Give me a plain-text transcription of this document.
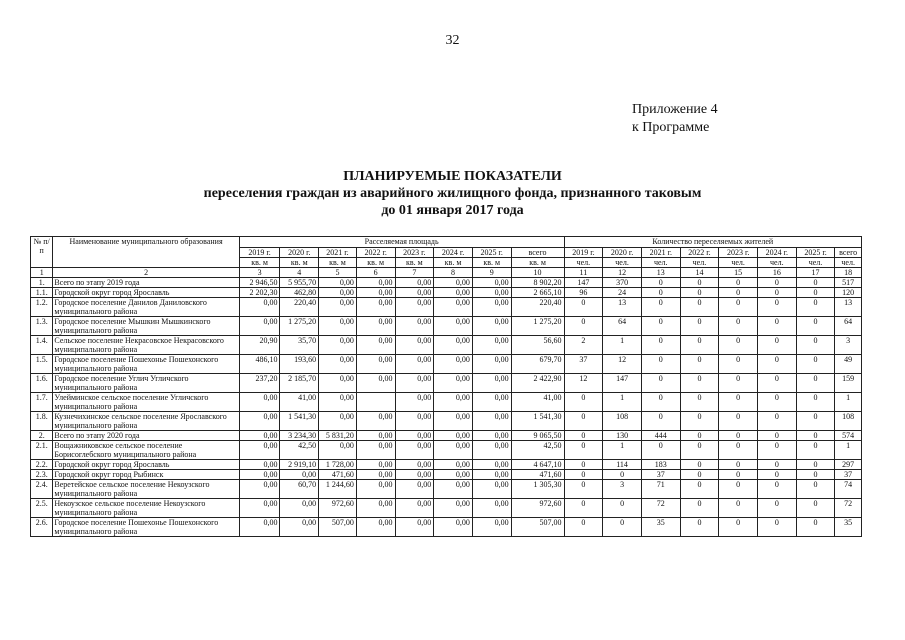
32
Приложение 4
к Программе
ПЛАНИРУЕМЫЕ ПОКАЗАТЕЛИ
переселения граждан из аварийного жилищного фонда, признанного таковым
до 01 января 2017 года
№ п/п	Наименование муниципального образования	Расселяемая площадь								Количество переселяемых жителей							
		2019 г.	2020 г.	2021 г.	2022 г.	2023 г.	2024 г.	2025 г.	всего	2019 г.	2020 г.	2021 г.	2022 г.	2023 г.	2024 г.	2025 г.	всего
		кв. м	кв. м	кв. м	кв. м	кв. м	кв. м	кв. м	кв. м	чел.	чел.	чел.	чел.	чел.	чел.	чел.	чел.
1	2	3	4	5	6	7	8	9	10	11	12	13	14	15	16	17	18
1.	Всего по этапу 2019 года	2 946,50	5 955,70	0,00	0,00	0,00	0,00	0,00	8 902,20	147	370	0	0	0	0	0	517
1.1.	Городской округ город Ярославль	2 202,30	462,80	0,00	0,00	0,00	0,00	0,00	2 665,10	96	24	0	0	0	0	0	120
1.2.	Городское поселение Данилов Даниловского муниципального района	0,00	220,40	0,00	0,00	0,00	0,00	0,00	220,40	0	13	0	0	0	0	0	13
1.3.	Городское поселение Мышкин Мышкинского муниципального района	0,00	1 275,20	0,00	0,00	0,00	0,00	0,00	1 275,20	0	64	0	0	0	0	0	64
1.4.	Сельское поселение Некрасовское Некрасовского муниципального района	20,90	35,70	0,00	0,00	0,00	0,00	0,00	56,60	2	1	0	0	0	0	0	3
1.5.	Городское поселение Пошехонье Пошехонского муниципального района	486,10	193,60	0,00	0,00	0,00	0,00	0,00	679,70	37	12	0	0	0	0	0	49
1.6.	Городское поселение Углич Угличского муниципального района	237,20	2 185,70	0,00	0,00	0,00	0,00	0,00	2 422,90	12	147	0	0	0	0	0	159
1.7.	Улейминское сельское поселение Угличского муниципального района	0,00	41,00	0,00		0,00	0,00	0,00	41,00	0	1	0	0	0	0	0	1
1.8.	Кузнечихинское сельское поселение Ярославского муниципального района	0,00	1 541,30	0,00	0,00	0,00	0,00	0,00	1 541,30	0	108	0	0	0	0	0	108
2.	Всего по этапу 2020 года	0,00	3 234,30	5 831,20	0,00	0,00	0,00	0,00	9 065,50	0	130	444	0	0	0	0	574
2.1.	Вощажниковское сельское поселение Борисоглебского муниципального района	0,00	42,50	0,00	0,00	0,00	0,00	0,00	42,50	0	1	0	0	0	0	0	1
2.2.	Городской округ город Ярославль	0,00	2 919,10	1 728,00	0,00	0,00	0,00	0,00	4 647,10	0	114	183	0	0	0	0	297
2.3.	Городской округ город Рыбинск	0,00	0,00	471,60	0,00	0,00	0,00	0,00	471,60	0	0	37	0	0	0	0	37
2.4.	Веретейское сельское поселение Некоузского муниципального района	0,00	60,70	1 244,60	0,00	0,00	0,00	0,00	1 305,30	0	3	71	0	0	0	0	74
2.5.	Некоузское сельское поселение Некоузского муниципального района	0,00	0,00	972,60	0,00	0,00	0,00	0,00	972,60	0	0	72	0	0	0	0	72
2.6.	Городское поселение Пошехонье Пошехонского муниципального района	0,00	0,00	507,00	0,00	0,00	0,00	0,00	507,00	0	0	35	0	0	0	0	35
